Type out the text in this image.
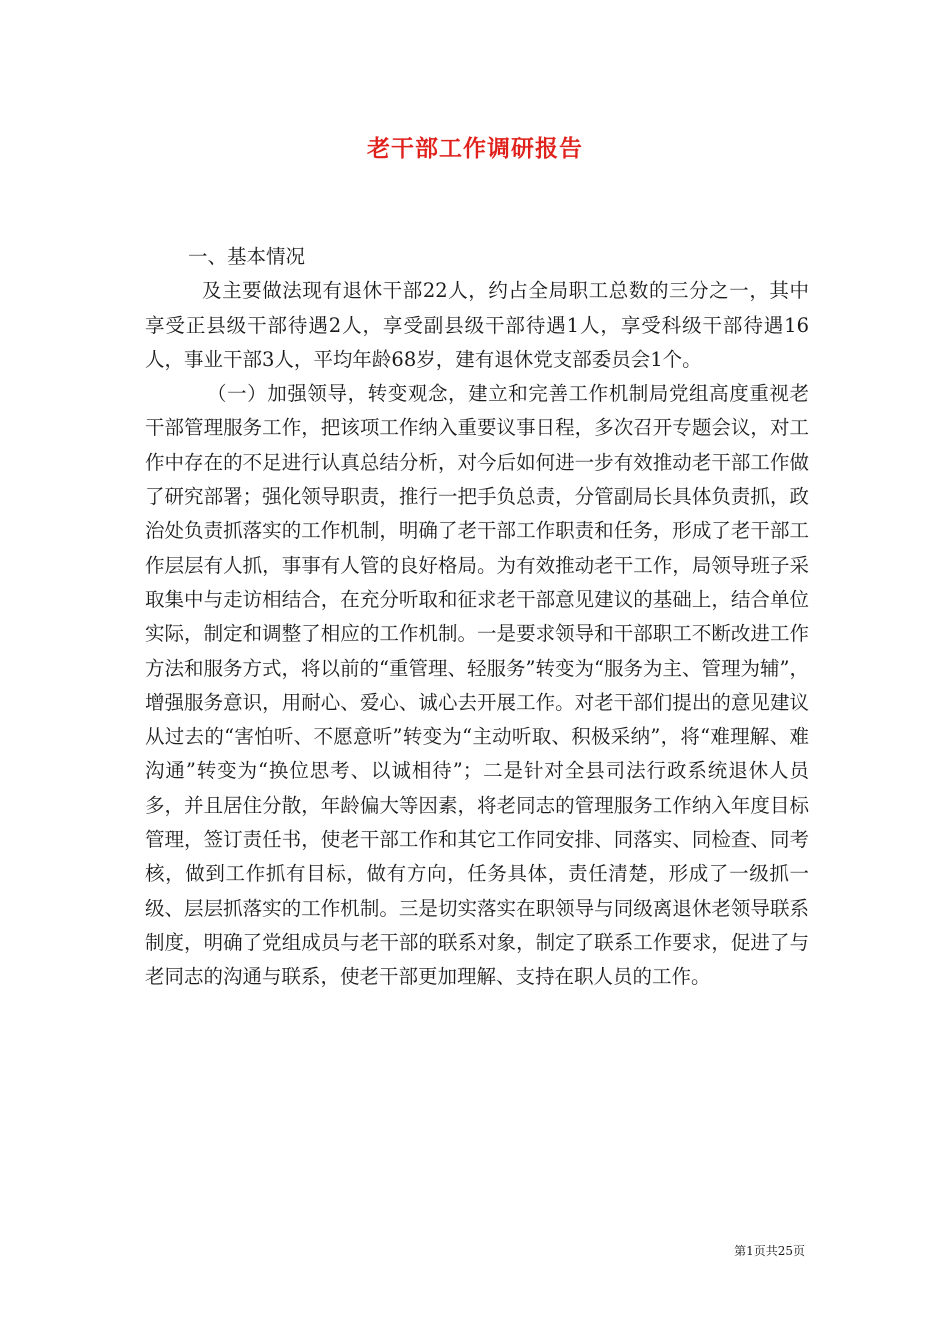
老干部工作调研报告

一、基本情况

及主要做法现有退休干部22人，约占全局职工总数的三分之一，其中享受正县级干部待遇2人，享受副县级干部待遇1人，享受科级干部待遇16人，事业干部3人，平均年龄68岁，建有退休党支部委员会1个。

（一）加强领导，转变观念，建立和完善工作机制局党组高度重视老干部管理服务工作，把该项工作纳入重要议事日程，多次召开专题会议，对工作中存在的不足进行认真总结分析，对今后如何进一步有效推动老干部工作做了研究部署；强化领导职责，推行一把手负总责，分管副局长具体负责抓，政治处负责抓落实的工作机制，明确了老干部工作职责和任务，形成了老干部工作层层有人抓，事事有人管的良好格局。为有效推动老干工作，局领导班子采取集中与走访相结合，在充分听取和征求老干部意见建议的基础上，结合单位实际，制定和调整了相应的工作机制。一是要求领导和干部职工不断改进工作方法和服务方式，将以前的“重管理、轻服务”转变为“服务为主、管理为辅”，增强服务意识，用耐心、爱心、诚心去开展工作。对老干部们提出的意见建议从过去的“害怕听、不愿意听”转变为“主动听取、积极采纳”，将“难理解、难沟通”转变为“换位思考、以诚相待”；二是针对全县司法行政系统退休人员多，并且居住分散，年龄偏大等因素，将老同志的管理服务工作纳入年度目标管理，签订责任书，使老干部工作和其它工作同安排、同落实、同检查、同考核，做到工作抓有目标，做有方向，任务具体，责任清楚，形成了一级抓一级、层层抓落实的工作机制。三是切实落实在职领导与同级离退休老领导联系制度，明确了党组成员与老干部的联系对象，制定了联系工作要求，促进了与老同志的沟通与联系，使老干部更加理解、支持在职人员的工作。

第1页共25页
